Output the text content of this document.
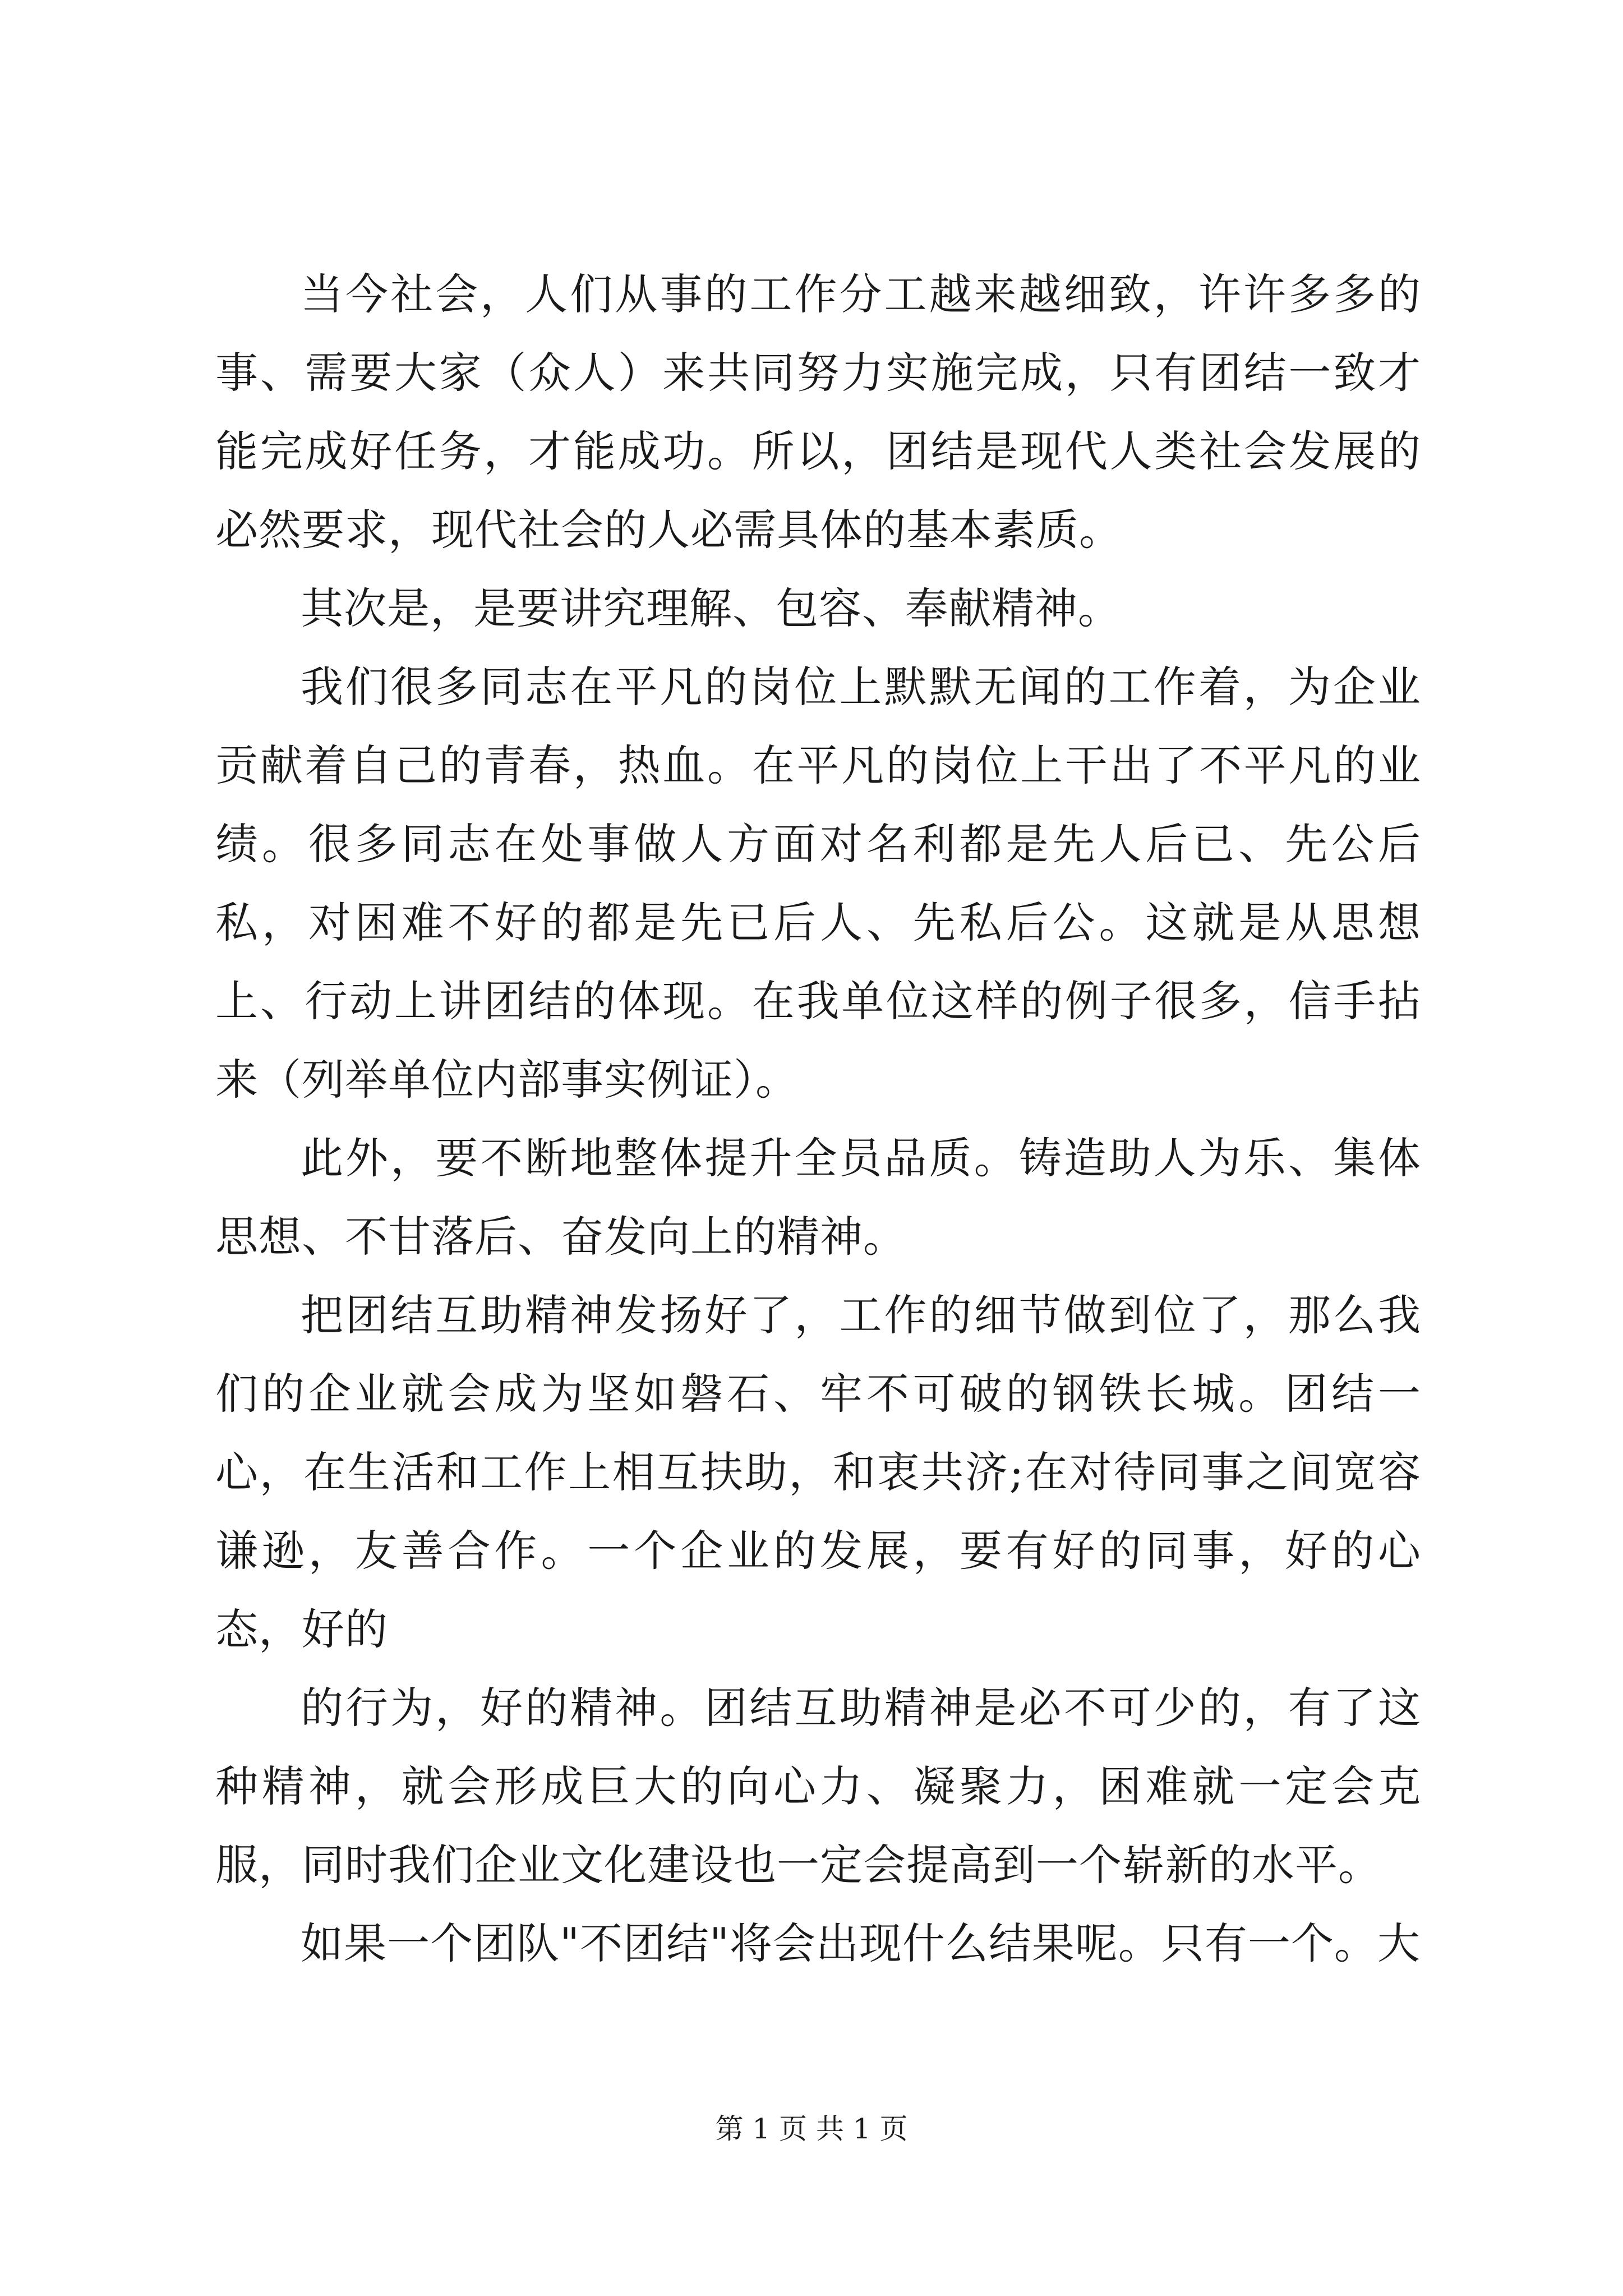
当今社会，人们从事的工作分工越来越细致，许许多多的事、需要大家（众人）来共同努力实施完成，只有团结一致才能完成好任务，才能成功。所以，团结是现代人类社会发展的必然要求，现代社会的人必需具体的基本素质。

其次是，是要讲究理解、包容、奉献精神。

我们很多同志在平凡的岗位上默默无闻的工作着，为企业贡献着自己的青春，热血。在平凡的岗位上干出了不平凡的业绩。很多同志在处事做人方面对名利都是先人后已、先公后私，对困难不好的都是先已后人、先私后公。这就是从思想上、行动上讲团结的体现。在我单位这样的例子很多，信手拈来（列举单位内部事实例证）。

此外，要不断地整体提升全员品质。铸造助人为乐、集体思想、不甘落后、奋发向上的精神。

把团结互助精神发扬好了，工作的细节做到位了，那么我们的企业就会成为坚如磐石、牢不可破的钢铁长城。团结一心，在生活和工作上相互扶助，和衷共济;在对待同事之间宽容谦逊，友善合作。一个企业的发展，要有好的同事，好的心态，好的

的行为，好的精神。团结互助精神是必不可少的，有了这种精神，就会形成巨大的向心力、凝聚力，困难就一定会克服，同时我们企业文化建设也一定会提高到一个崭新的水平。

如果一个团队"不团结"将会出现什么结果呢。只有一个。大

第 1 页 共 1 页
